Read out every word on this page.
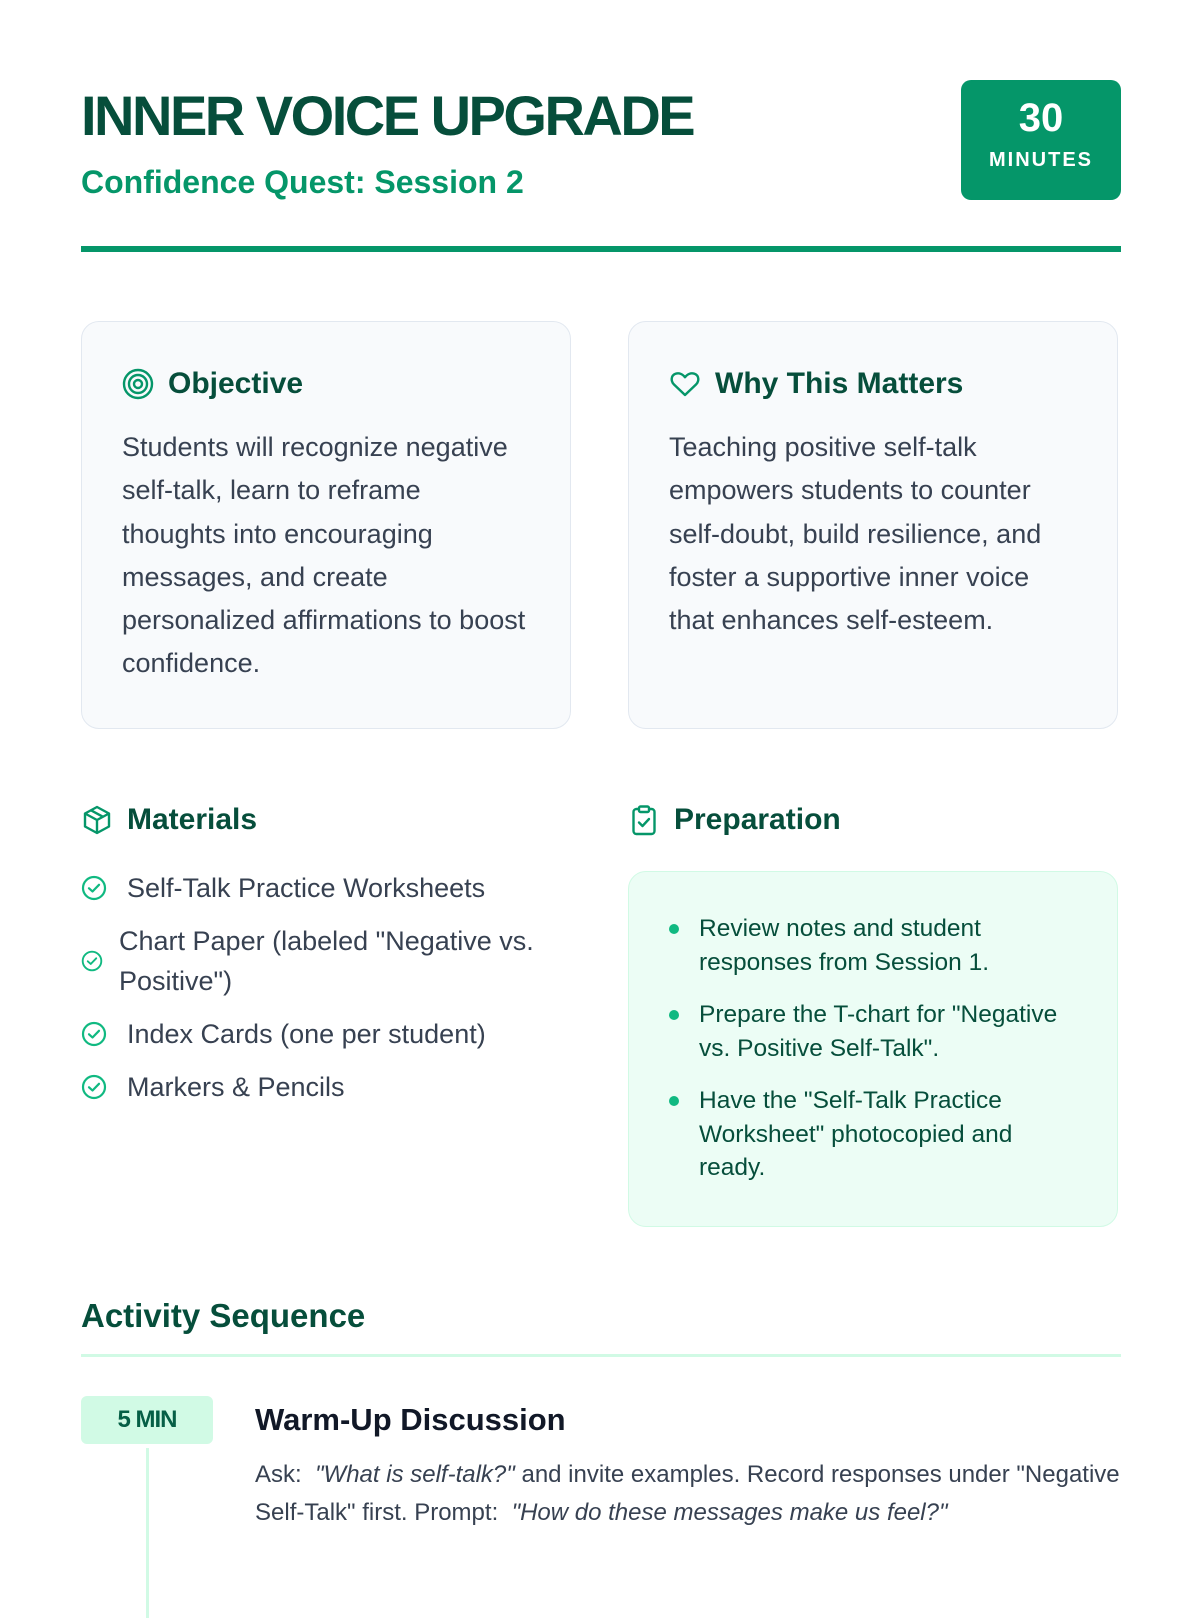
INNER VOICE UPGRADE
Confidence Quest: Session 2
30
MINUTES
Objective

Students will recognize negative self-talk, learn to reframe thoughts into encouraging messages, and create personalized affirmations to boost confidence.

Why This Matters

Teaching positive self-talk empowers students to counter self-doubt, build resilience, and foster a supportive inner voice that enhances self-esteem.

Materials
Self-Talk Practice Worksheets
Chart Paper (labeled "Negative vs. Positive")
Index Cards (one per student)
Markers & Pencils
Preparation
Review notes and student responses from Session 1.
Prepare the T-chart for "Negative vs. Positive Self-Talk".
Have the "Self-Talk Practice Worksheet" photocopied and ready.
Activity Sequence
5 MIN	Warm-Up Discussion

Ask: "What is self-talk?" and invite examples. Record responses under "Negative Self-Talk" first. Prompt: "How do these messages make us feel?"
